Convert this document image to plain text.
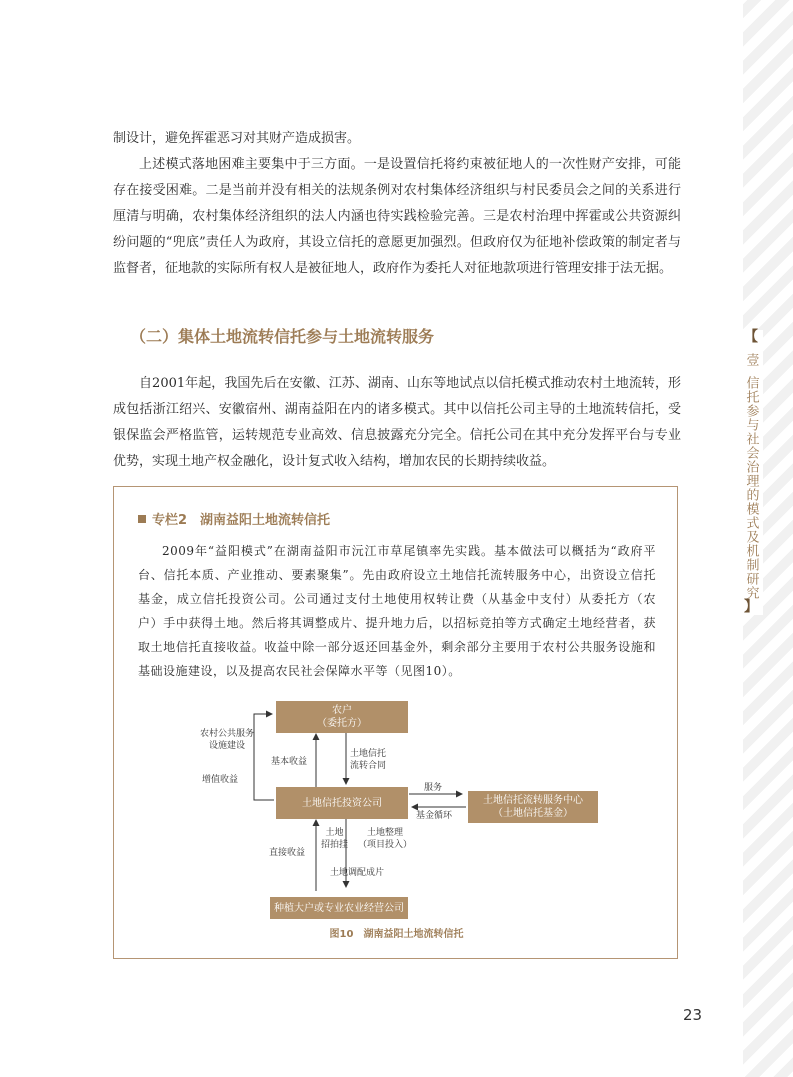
【
壹
信托参与社会治理的模式及机制研究
】

制设计，避免挥霍恶习对其财产造成损害。

上述模式落地困难主要集中于三方面。一是设置信托将约束被征地人的一次性财产安排，可能存在接受困难。二是当前并没有相关的法规条例对农村集体经济组织与村民委员会之间的关系进行厘清与明确，农村集体经济组织的法人内涵也待实践检验完善。三是农村治理中挥霍或公共资源纠纷问题的“兜底”责任人为政府，其设立信托的意愿更加强烈。但政府仅为征地补偿政策的制定者与监督者，征地款的实际所有权人是被征地人，政府作为委托人对征地款项进行管理安排于法无据。

（二）集体土地流转信托参与土地流转服务

自2001年起，我国先后在安徽、江苏、湖南、山东等地试点以信托模式推动农村土地流转，形成包括浙江绍兴、安徽宿州、湖南益阳在内的诸多模式。其中以信托公司主导的土地流转信托，受银保监会严格监管，运转规范专业高效、信息披露充分完全。信托公司在其中充分发挥平台与专业优势，实现土地产权金融化，设计复式收入结构，增加农民的长期持续收益。

专栏2　湖南益阳土地流转信托

2009年“益阳模式”在湖南益阳市沅江市草尾镇率先实践。基本做法可以概括为“政府平台、信托本质、产业推动、要素聚集”。先由政府设立土地信托流转服务中心，出资设立信托基金，成立信托投资公司。公司通过支付土地使用权转让费（从基金中支付）从委托方（农户）手中获得土地。然后将其调整成片、提升地力后，以招标竞拍等方式确定土地经营者，获取土地信托直接收益。收益中除一部分返还回基金外，剩余部分主要用于农村公共服务设施和基础设施建设，以及提高农民社会保障水平等（见图10）。

农户
（委托方）
土地信托投资公司	土地信托流转服务中心
（土地信托基金）
种植大户或专业农业经营公司
农村公共服务
设施建设
基本收益
土地信托
流转合同
增值收益
服务
基金循环
土地
招拍挂
土地整理
（项目投入）
直接收益
土地调配成片
图10　湖南益阳土地流转信托
23
